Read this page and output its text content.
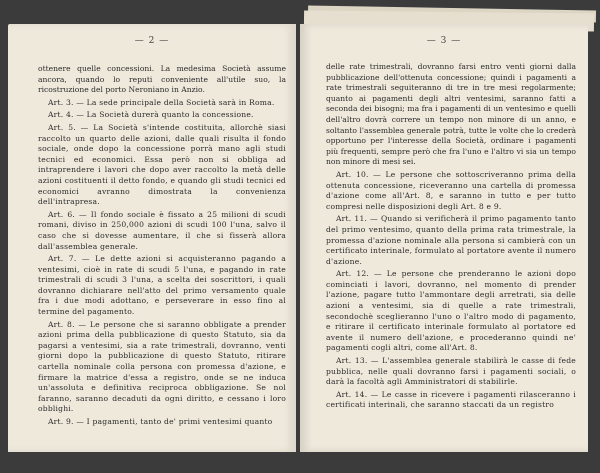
— 2 —

ottenere quelle concessioni. La medesima Società assume ancora, quando lo reputi conveniente all'utile suo, la ricostruzione del porto Neroniano in Anzio.

Art. 3. — La sede principale della Società sarà in Roma.

Art. 4. — La Società durerà quanto la concessione.

Art. 5. — La Società s'intende costituita, allorchè siasi raccolto un quarto delle azioni, dalle quali risulta il fondo sociale, onde dopo la concessione porrà mano agli studi tecnici ed economici. Essa però non si obbliga ad intraprendere i lavori che dopo aver raccolto la metà delle azioni costituenti il detto fondo, e quando gli studi tecnici ed economici avranno dimostrata la convenienza dell'intrapresa.

Art. 6. — Il fondo sociale è fissato a 25 milioni di scudi romani, diviso in 250,000 azioni di scudi 100 l'una, salvo il caso che si dovesse aumentare, il che si fisserà allora dall'assemblea generale.

Art. 7. — Le dette azioni si acquisteranno pagando a ventesimi, cioè in rate di scudi 5 l'una, e pagando in rate trimestrali di scudi 3 l'una, a scelta dei soscrittori, i quali dovranno dichiarare nell'atto del primo versamento quale fra i due modi adottano, e perseverare in esso fino al termine del pagamento.

Art. 8. — Le persone che si saranno obbligate a prender azioni prima della pubblicazione di questo Statuto, sia da pagarsi a ventesimi, sia a rate trimestrali, dovranno, venti giorni dopo la pubblicazione di questo Statuto, ritirare cartella nominale colla persona con promessa d'azione, e firmare la matrice d'essa a registro, onde se ne induca un'assoluta e definitiva reciproca obbligazione. Se nol faranno, saranno decaduti da ogni diritto, e cessano i loro obblighi.

Art. 9. — I pagamenti, tanto de' primi ventesimi quanto

— 3 —

delle rate trimestrali, dovranno farsi entro venti giorni dalla pubblicazione dell'ottenuta concessione; quindi i pagamenti a rate trimestrali seguiteranno di tre in tre mesi regolarmente; quanto ai pagamenti degli altri ventesimi, saranno fatti a seconda dei bisogni; ma fra i pagamenti di un ventesimo e quelli dell'altro dovrà correre un tempo non minore di un anno, e soltanto l'assemblea generale potrà, tutte le volte che lo crederà opportuno per l'interesse della Società, ordinare i pagamenti più frequenti, sempre però che fra l'uno e l'altro vi sia un tempo non minore di mesi sei.

Art. 10. — Le persone che sottoscriveranno prima della ottenuta concessione, riceveranno una cartella di promessa d'azione come all'Art. 8, e saranno in tutto e per tutto compresi nelle disposizioni degli Art. 8 e 9.

Art. 11. — Quando si verificherà il primo pagamento tanto del primo ventesimo, quanto della prima rata trimestrale, la promessa d'azione nominale alla persona si cambierà con un certificato interinale, formulato al portatore avente il numero d'azione.

Art. 12. — Le persone che prenderanno le azioni dopo cominciati i lavori, dovranno, nel momento di prender l'azione, pagare tutto l'ammontare degli arretrati, sia delle azioni a ventesimi, sia di quelle a rate trimestrali, secondochè sceglieranno l'uno o l'altro modo di pagamento, e ritirare il certificato interinale formulato al portatore ed avente il numero dell'azione, e procederanno quindi ne' pagamenti cogli altri, come all'Art. 8.

Art. 13. — L'assemblea generale stabilirà le casse di fede pubblica, nelle quali dovranno farsi i pagamenti sociali, o darà la facoltà agli Amministratori di stabilirle.

Art. 14. — Le casse in ricevere i pagamenti rilasceranno i certificati interinali, che saranno staccati da un registro
